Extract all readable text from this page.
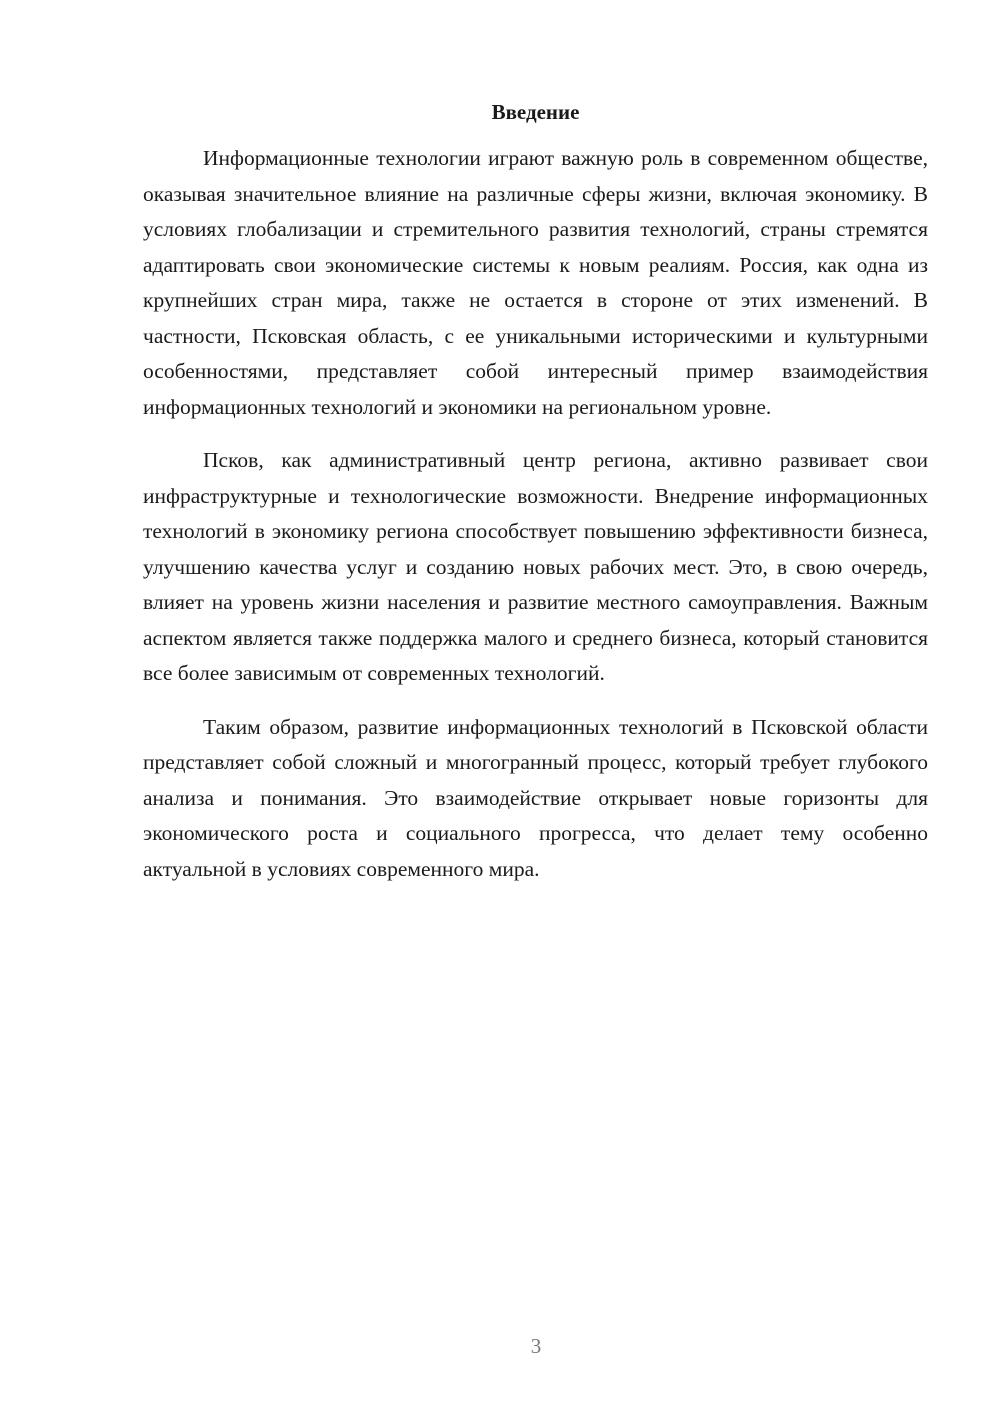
Введение

Информационные технологии играют важную роль в современном обществе, оказывая значительное влияние на различные сферы жизни, включая экономику. В условиях глобализации и стремительного развития технологий, страны стремятся адаптировать свои экономические системы к новым реалиям. Россия, как одна из крупнейших стран мира, также не остается в стороне от этих изменений. В частности, Псковская область, с ее уникальными историческими и культурными особенностями, представляет собой интересный пример взаимодействия информационных технологий и экономики на региональном уровне.

Псков, как административный центр региона, активно развивает свои инфраструктурные и технологические возможности. Внедрение информационных технологий в экономику региона способствует повышению эффективности бизнеса, улучшению качества услуг и созданию новых рабочих мест. Это, в свою очередь, влияет на уровень жизни населения и развитие местного самоуправления. Важным аспектом является также поддержка малого и среднего бизнеса, который становится все более зависимым от современных технологий.

Таким образом, развитие информационных технологий в Псковской области представляет собой сложный и многогранный процесс, который требует глубокого анализа и понимания. Это взаимодействие открывает новые горизонты для экономического роста и социального прогресса, что делает тему особенно актуальной в условиях современного мира.

3
